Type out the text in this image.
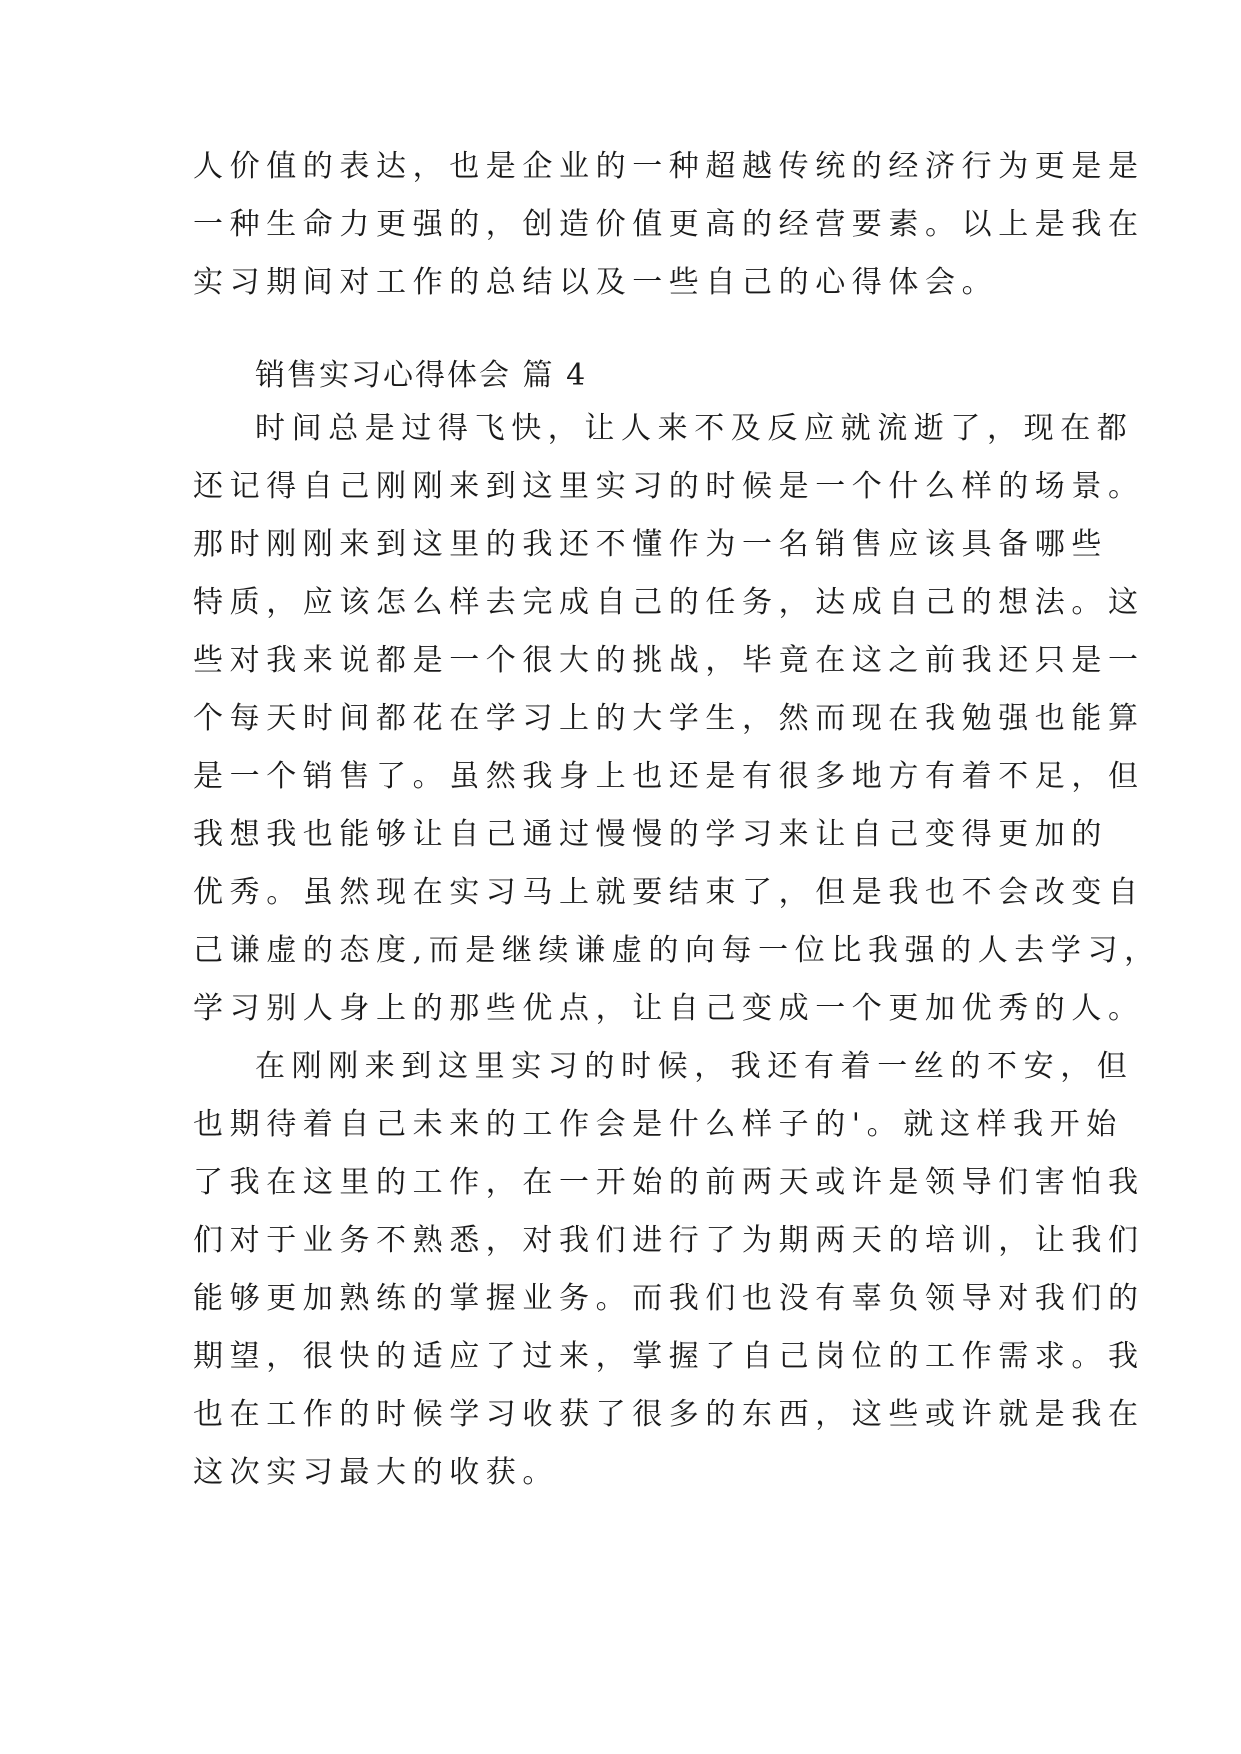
人价值的表达，也是企业的一种超越传统的经济行为更是是
一种生命力更强的，创造价值更高的经营要素。以上是我在
实习期间对工作的总结以及一些自己的心得体会。
销售实习心得体会 篇 4
时间总是过得飞快，让人来不及反应就流逝了，现在都
还记得自己刚刚来到这里实习的时候是一个什么样的场景。
那时刚刚来到这里的我还不懂作为一名销售应该具备哪些
特质，应该怎么样去完成自己的任务，达成自己的想法。这
些对我来说都是一个很大的挑战，毕竟在这之前我还只是一
个每天时间都花在学习上的大学生，然而现在我勉强也能算
是一个销售了。虽然我身上也还是有很多地方有着不足，但
我想我也能够让自己通过慢慢的学习来让自己变得更加的
优秀。虽然现在实习马上就要结束了，但是我也不会改变自
己谦虚的态度,而是继续谦虚的向每一位比我强的人去学习，
学习别人身上的那些优点，让自己变成一个更加优秀的人。
在刚刚来到这里实习的时候，我还有着一丝的不安，但
也期待着自己未来的工作会是什么样子的'。就这样我开始
了我在这里的工作，在一开始的前两天或许是领导们害怕我
们对于业务不熟悉，对我们进行了为期两天的培训，让我们
能够更加熟练的掌握业务。而我们也没有辜负领导对我们的
期望，很快的适应了过来，掌握了自己岗位的工作需求。我
也在工作的时候学习收获了很多的东西，这些或许就是我在
这次实习最大的收获。
